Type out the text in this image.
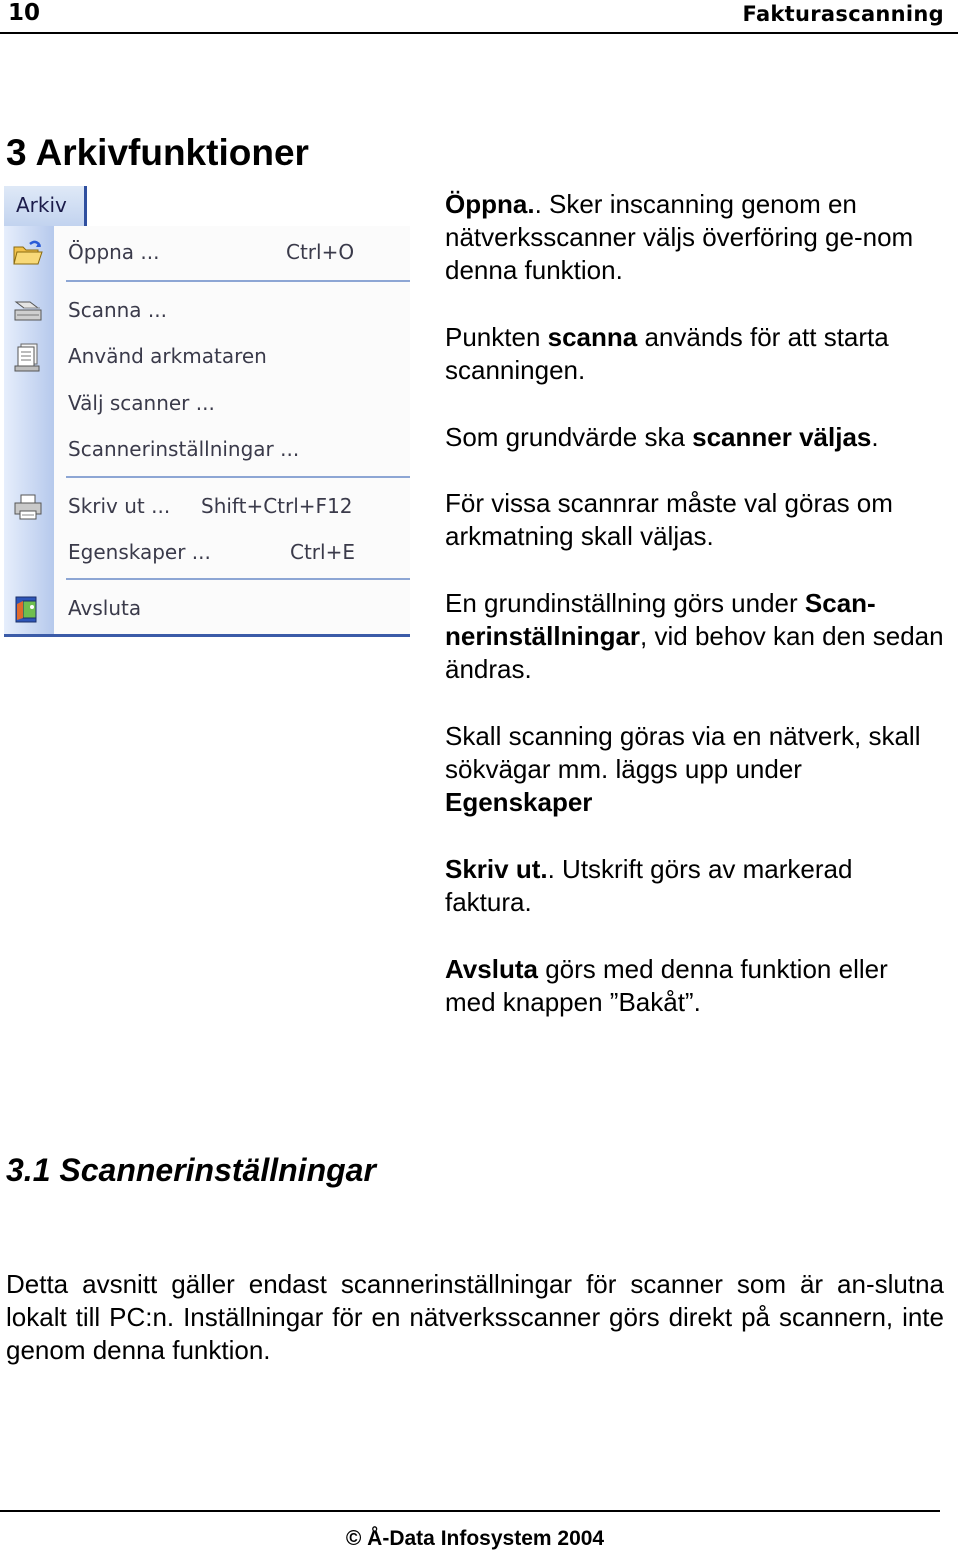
10	Fakturascanning
3 Arkivfunktioner
Arkiv
Öppna ...	Ctrl+O
Scanna ...
Använd arkmataren
Välj scanner ...
Scannerinställningar ...
Skriv ut ... Shift+Ctrl+F12
Egenskaper ...	Ctrl+E
Avsluta

Öppna.. Sker inscanning genom en nätverksscanner väljs överföring ge-nom denna funktion.

Punkten scanna används för att starta scanningen.

Som grundvärde ska scanner väljas.

För vissa scannrar måste val göras om arkmatning skall väljas.

En grundinställning görs under Scan-nerinställningar, vid behov kan den sedan ändras.

Skall scanning göras via en nätverk, skall sökvägar mm. läggs upp under Egenskaper

Skriv ut.. Utskrift görs av markerad faktura.

Avsluta görs med denna funktion eller med knappen ”Bakåt”.

3.1 Scannerinställningar
Detta avsnitt gäller endast scannerinställningar för scanner som är an-slutna lokalt till PC:n. Inställningar för en nätverksscanner görs direkt på scannern, inte genom denna funktion.
© Å-Data Infosystem 2004
